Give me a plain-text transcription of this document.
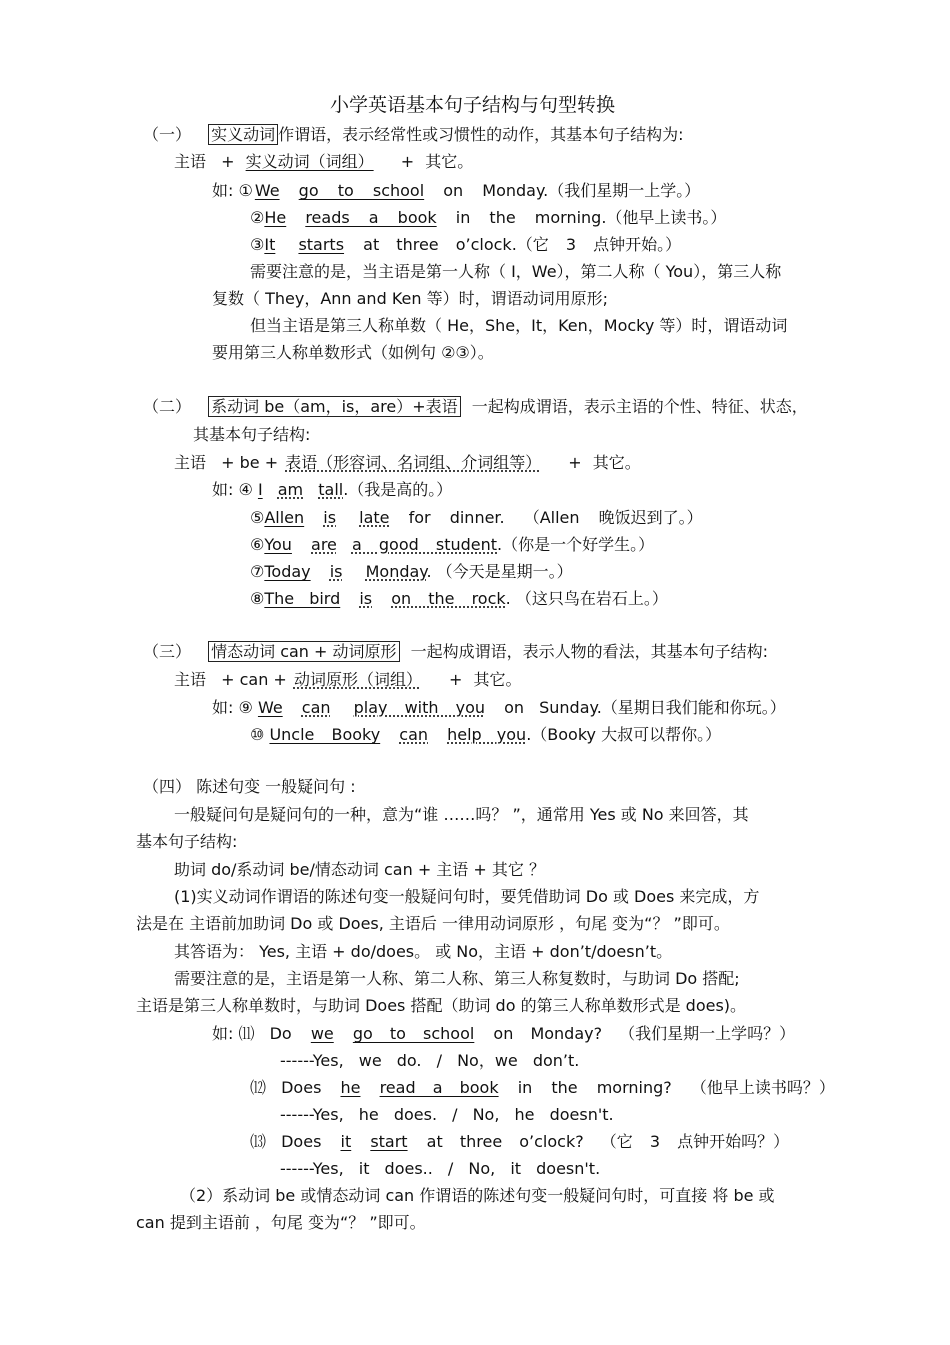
小学英语基本句子结构与句型转换
（一） 实义动词 作谓语，表示经常性或习惯性的动作，其基本句子结构为:
主语 + 实义动词（词组） + 其它。
如: ① We go to school on Monday.（我们星期一上学。）
②He reads a book in the morning.（他早上读书。）
③It starts at three o’clock.（它 3 点钟开始。）
需要注意的是，当主语是第一人称（ I，We），第二人称（ You），第三人称
复数（ They，Ann and Ken 等）时，谓语动词用原形;
但当主语是第三人称单数（ He，She，It，Ken，Mocky 等）时，谓语动词
要用第三人称单数形式（如例句 ②③）。
（二） 系动词 be（am，is，are）+表语 一起构成谓语，表示主语的个性、特征、状态，
其基本句子结构:
主语 + be + 表语（形容词、名词组、介词组等） + 其它。
如: ④ I am tall.（我是高的。）
⑤Allen is late for dinner. （Allen 晚饭迟到了。）
⑥You are a good student.（你是一个好学生。）
⑦Today is Monday. （今天是星期一。）
⑧The bird is on the rock. （这只鸟在岩石上。）
（三） 情态动词 can + 动词原形 一起构成谓语，表示人物的看法，其基本句子结构:
主语 + can + 动词原形（词组） + 其它。
如: ⑨ We can play with you on Sunday.（星期日我们能和你玩。）
⑩ Uncle Booky can help you.（Booky 大叔可以帮你。）
（四） 陈述句变 一般疑问句 :
一般疑问句是疑问句的一种，意为“谁 ……吗？ ”，通常用 Yes 或 No 来回答，其
基本句子结构:
助词 do/系动词 be/情态动词 can + 主语 + 其它 ？
(1)实义动词作谓语的陈述句变一般疑问句时，要凭借助词 Do 或 Does 来完成，方
法是在 主语前加助词 Do 或 Does, 主语后 一律用动词原形 ，句尾 变为“？ ”即可。
其答语为： Yes, 主语 + do/does。 或 No，主语 + don’t/doesn’t。
需要注意的是，主语是第一人称、第二人称、第三人称复数时，与助词 Do 搭配;
主语是第三人称单数时，与助词 Does 搭配（助词 do 的第三人称单数形式是 does)。
如: ⑾ Do we go to school on Monday? （我们星期一上学吗？）
------Yes, we do. / No，we don’t.
⑿ Does he read a book in the morning? （他早上读书吗？）
------Yes, he does. / No, he doesn't.
⒀ Does it start at three o’clock? （它 3 点钟开始吗？）
------Yes, it does.. / No, it doesn't.
（2）系动词 be 或情态动词 can 作谓语的陈述句变一般疑问句时，可直接 将 be 或
can 提到主语前 ，句尾 变为“？ ”即可。
